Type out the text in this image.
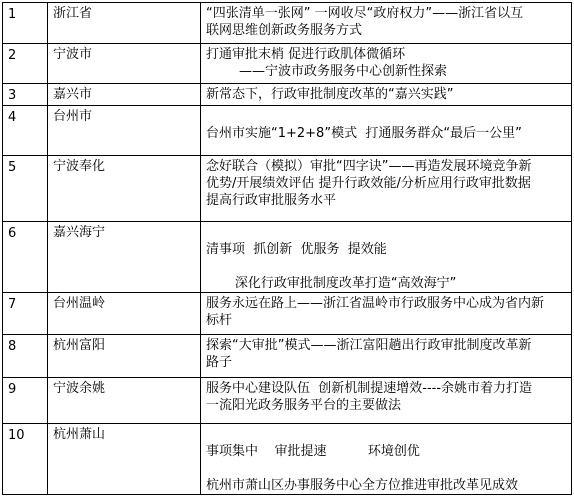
1	浙江省	“四张清单一张网” 一网收尽“政府权力”——浙江省以互
联网思维创新政务服务方式

2	宁波市	打通审批末梢 促进行政肌体微循环
——宁波市政务服务中心创新性探索

3	嘉兴市	新常态下，行政审批制度改革的“嘉兴实践”

4	台州市	台州市实施“1+2+8”模式  打通服务群众“最后一公里”

5	宁波奉化	念好联合（模拟）审批“四字诀”——再造发展环境竞争新
优势/开展绩效评估 提升行政效能/分析应用行政审批数据
提高行政审批服务水平

6	嘉兴海宁	清事项  抓创新  优服务  提效能

深化行政审批制度改革打造“高效海宁”

7	台州温岭	服务永远在路上——浙江省温岭市行政服务中心成为省内新
标杆

8	杭州富阳	探索“大审批”模式——浙江富阳趟出行政审批制度改革新
路子

9	宁波余姚	服务中心建设队伍  创新机制提速增效----余姚市着力打造
一流阳光政务服务平台的主要做法

10	杭州萧山	事项集中    审批提速          环境创优

杭州市萧山区办事服务中心全方位推进审批改革见成效
